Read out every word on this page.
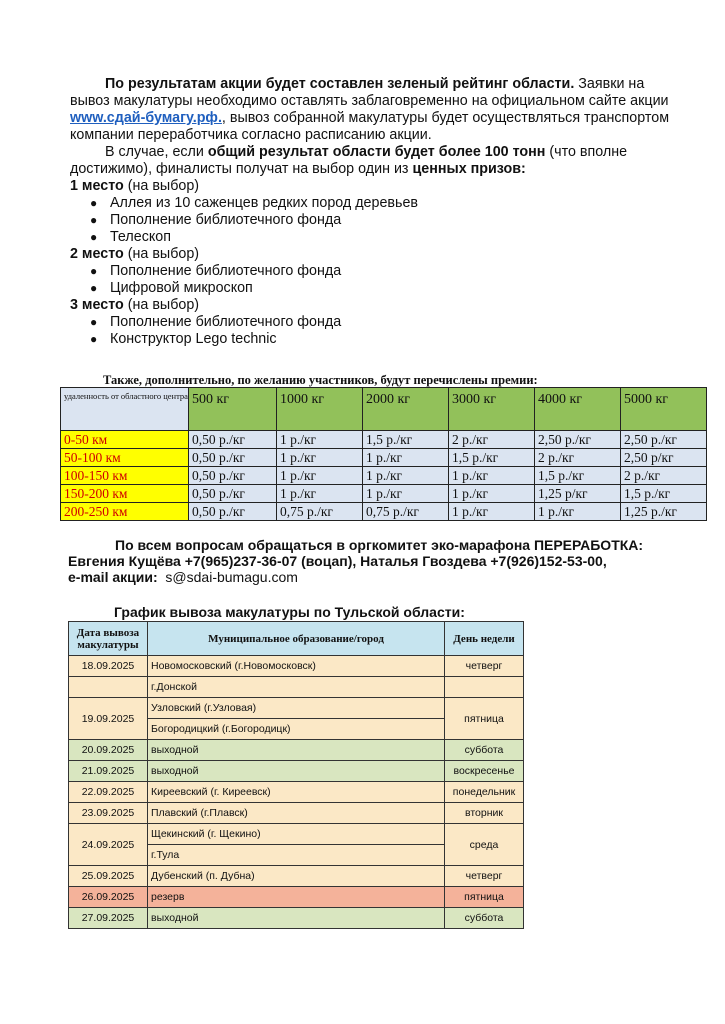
По результатам акции будет составлен зеленый рейтинг области. Заявки на вывоз макулатуры необходимо оставлять заблаговременно на официальном сайте акции www.сдай-бумагу.рф., вывоз собранной макулатуры будет осуществляться транспортом компании переработчика согласно расписанию акции.

В случае, если общий результат области будет более 100 тонн (что вполне достижимо), финалисты получат на выбор один из ценных призов:

1 место (на выбор)

● Аллея из 10 саженцев редких пород деревьев
● Пополнение библиотечного фонда
● Телескоп

2 место (на выбор)

● Пополнение библиотечного фонда
● Цифровой микроскоп

3 место (на выбор)

● Пополнение библиотечного фонда
● Конструктор Lego technic
Также, дополнительно, по желанию участников, будут перечислены премии:
удаленность от областного центра	500 кг	1000 кг	2000 кг	3000 кг	4000 кг	5000 кг
0-50 км	0,50 р./кг	1 р./кг	1,5 р./кг	2 р./кг	2,50 р./кг	2,50 р./кг
50-100 км	0,50 р./кг	1 р./кг	1 р./кг	1,5 р./кг	2 р./кг	2,50 р/кг
100-150 км	0,50 р./кг	1 р./кг	1 р./кг	1 р./кг	1,5 р./кг	2 р./кг
150-200 км	0,50 р./кг	1 р./кг	1 р./кг	1 р./кг	1,25 р/кг	1,5 р./кг
200-250 км	0,50 р./кг	0,75 р./кг	0,75 р./кг	1 р./кг	1 р./кг	1,25 р./кг

По всем вопросам обращаться в оргкомитет эко-марафона ПЕРЕРАБОТКА:

Евгения Кущёва +7(965)237-36-07 (воцап), Наталья Гвоздева +7(926)152-53-00,

e-mail акции: s@sdai-bumagu.com

График вывоза макулатуры по Тульской области:
Дата вывоза макулатуры	Муниципальное образование/город	День недели
18.09.2025	Новомосковский (г.Новомосковск)	четверг
	г.Донской	
19.09.2025	Узловский (г.Узловая)	пятница
	Богородицкий (г.Богородицк)	
20.09.2025	выходной	суббота
21.09.2025	выходной	воскресенье
22.09.2025	Киреевский (г. Киреевск)	понедельник
23.09.2025	Плавский (г.Плавск)	вторник
24.09.2025	Щекинский (г. Щекино)	среда
	г.Тула	
25.09.2025	Дубенский (п. Дубна)	четверг
26.09.2025	резерв	пятница
27.09.2025	выходной	суббота
